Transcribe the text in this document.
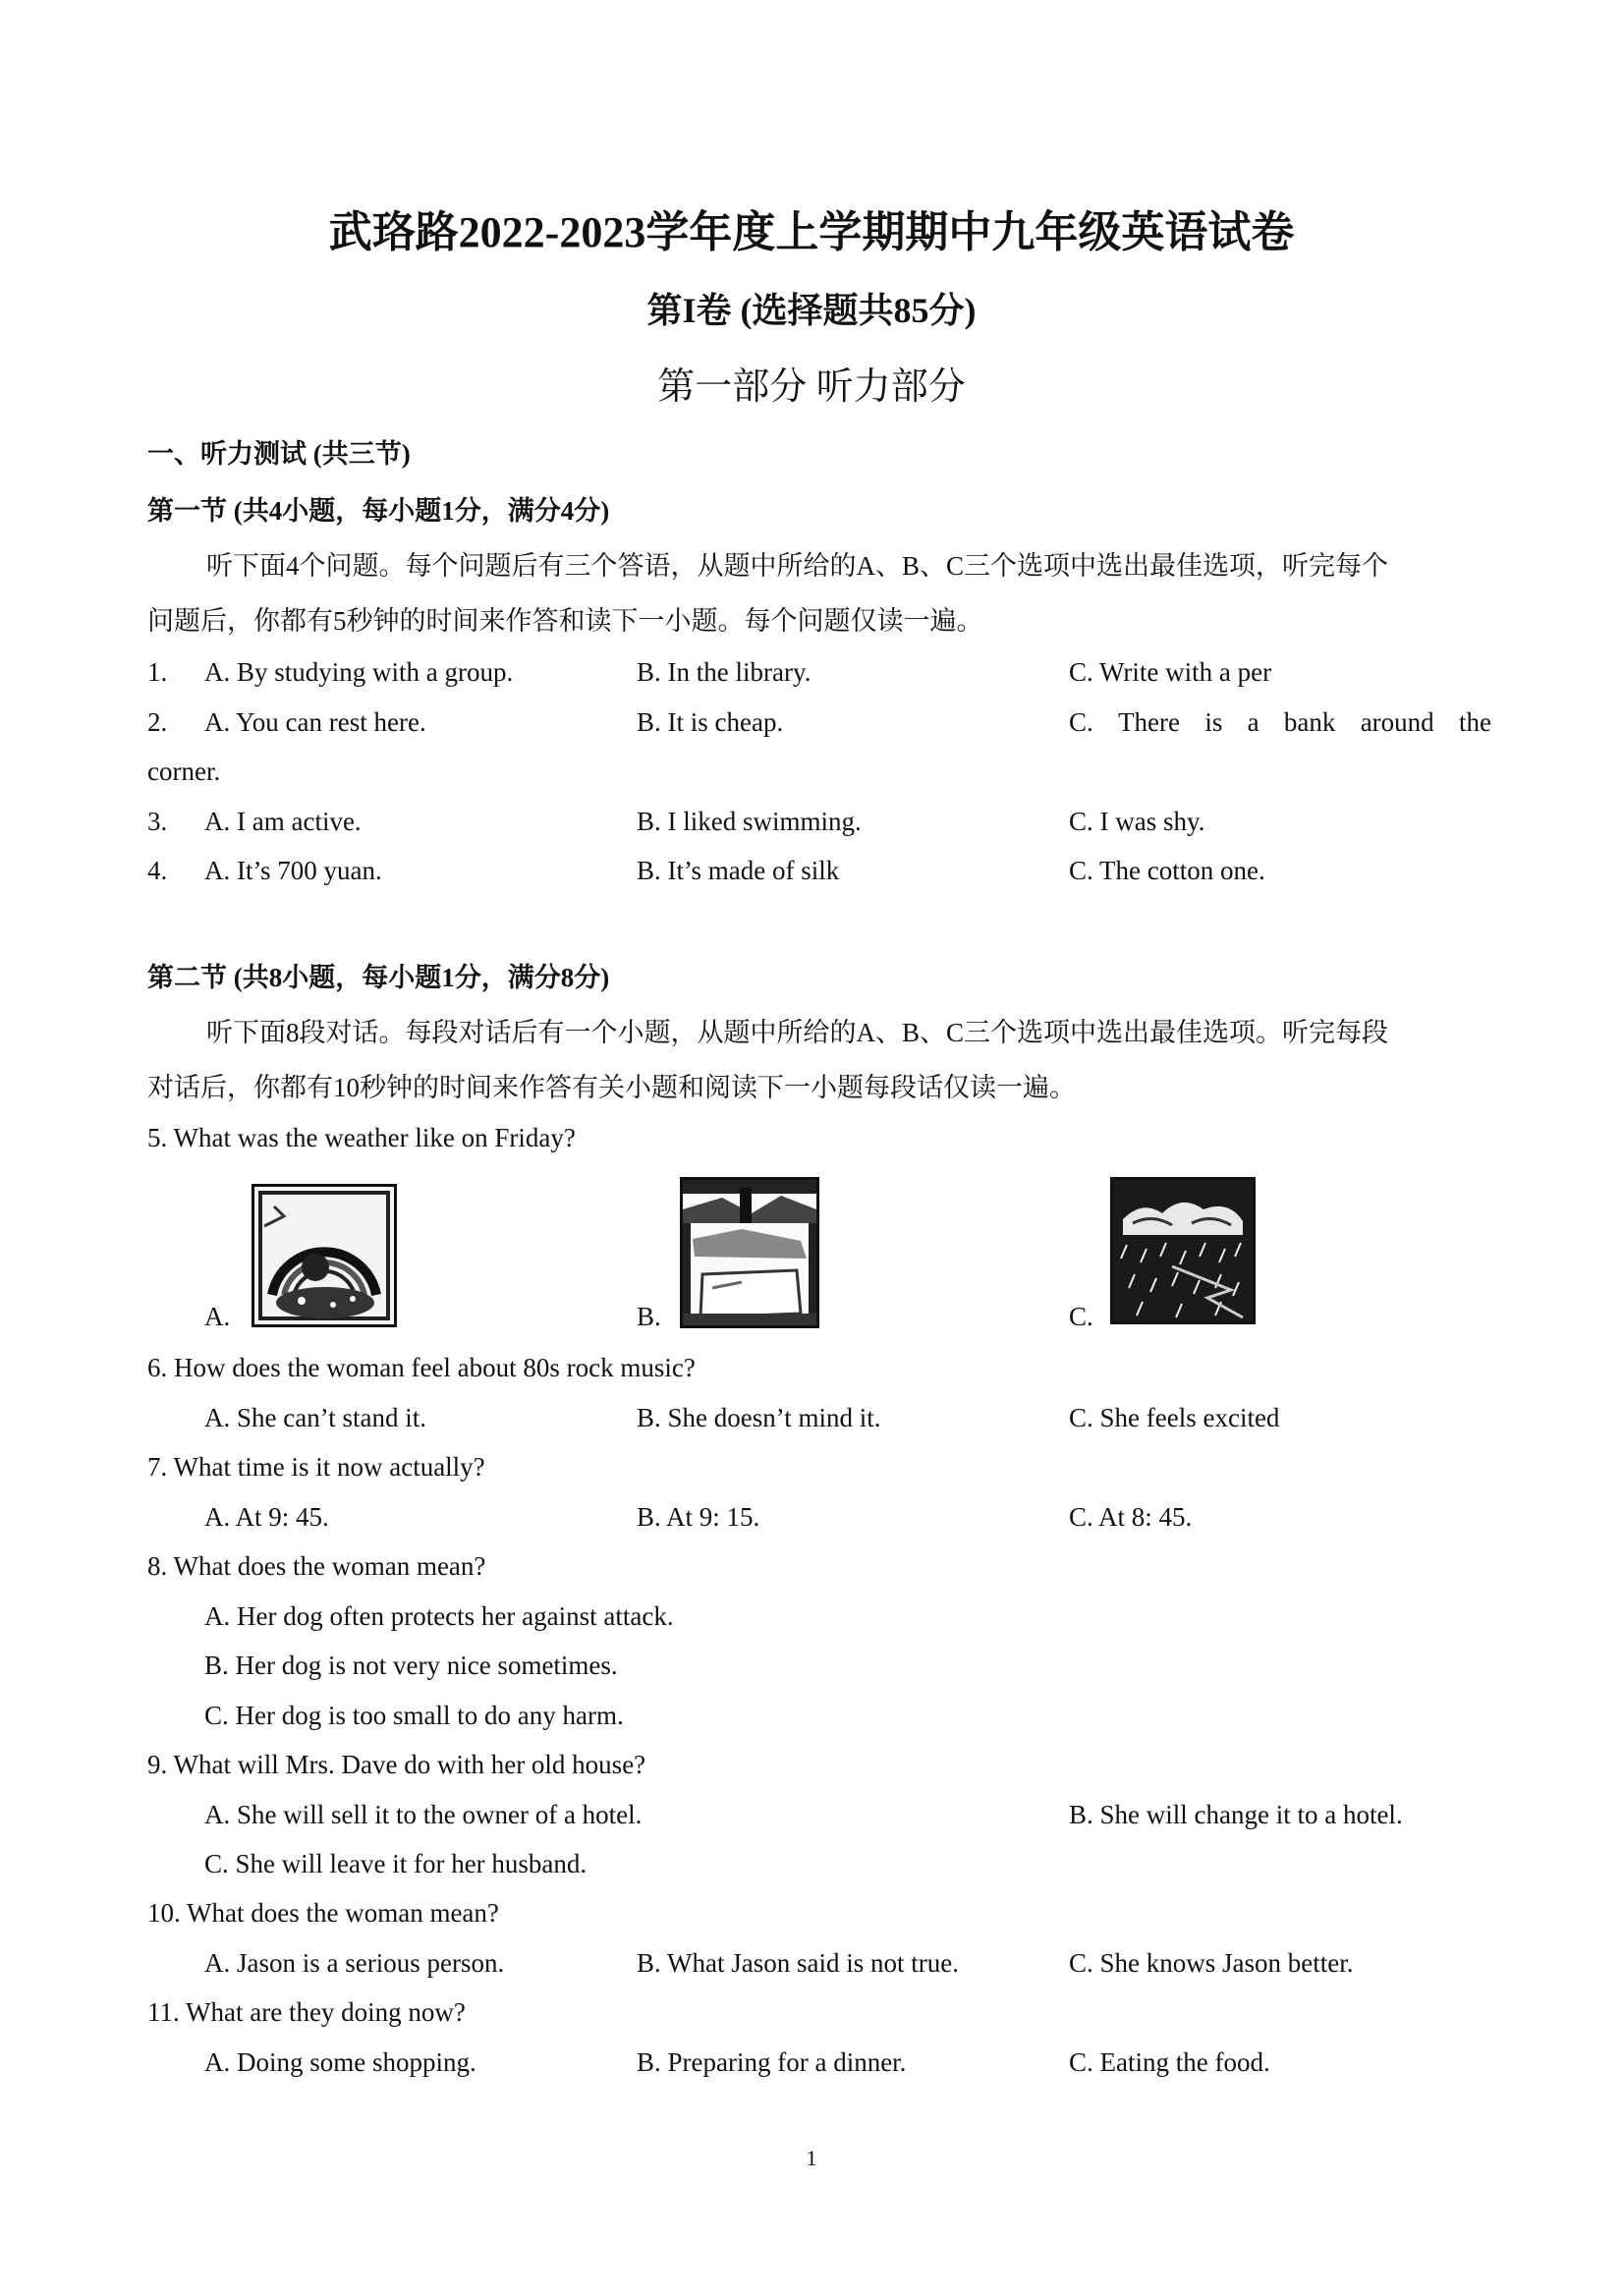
武珞路2022-2023学年度上学期期中九年级英语试卷
第I卷 (选择题共85分)
第一部分 听力部分
一、听力测试 (共三节)
第一节 (共4小题，每小题1分，满分4分)
听下面4个问题。每个问题后有三个答语，从题中所给的A、B、C三个选项中选出最佳选项，听完每个
问题后，你都有5秒钟的时间来作答和读下一小题。每个问题仅读一遍。
1. A. By studying with a group.	B. In the library.	C. Write with a per
2. A. You can rest here.	B. It is cheap.	C. There is a bank around the
corner.
3. A. I am active.	B. I liked swimming.	C. I was shy.
4. A. It’s 700 yuan.	B. It’s made of silk	C. The cotton one.
第二节 (共8小题，每小题1分，满分8分)
听下面8段对话。每段对话后有一个小题，从题中所给的A、B、C三个选项中选出最佳选项。听完每段
对话后，你都有10秒钟的时间来作答有关小题和阅读下一小题每段话仅读一遍。
5. What was the weather like on Friday?
A.	B.	C.
6. How does the woman feel about 80s rock music?
A. She can’t stand it.	B. She doesn’t mind it.	C. She feels excited
7. What time is it now actually?
A. At 9: 45.	B. At 9: 15.	C. At 8: 45.
8. What does the woman mean?
A. Her dog often protects her against attack.
B. Her dog is not very nice sometimes.
C. Her dog is too small to do any harm.
9. What will Mrs. Dave do with her old house?
A. She will sell it to the owner of a hotel.	B. She will change it to a hotel.
C. She will leave it for her husband.
10. What does the woman mean?
A. Jason is a serious person.	B. What Jason said is not true.	C. She knows Jason better.
11. What are they doing now?
A. Doing some shopping.	B. Preparing for a dinner.	C. Eating the food.
1
